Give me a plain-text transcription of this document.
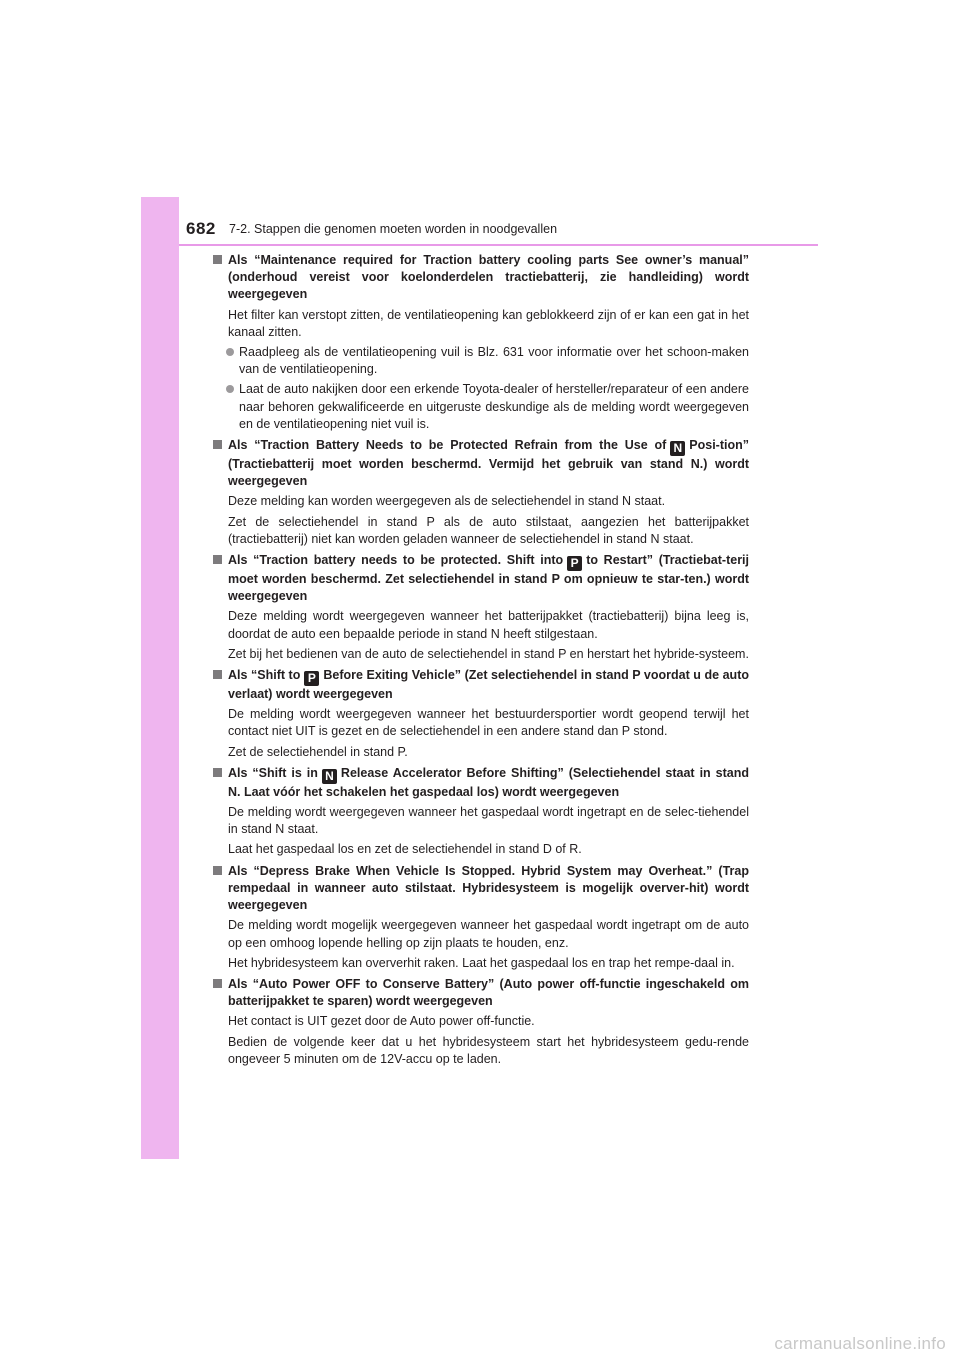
682 7-2. Stappen die genomen moeten worden in noodgevallen
Als “Maintenance required for Traction battery cooling parts See owner’s manual” (onderhoud vereist voor koelonderdelen tractiebatterij, zie handleiding) wordt weergegeven
Het filter kan verstopt zitten, de ventilatieopening kan geblokkeerd zijn of er kan een gat in het kanaal zitten.
Raadpleeg als de ventilatieopening vuil is Blz. 631 voor informatie over het schoon-maken van de ventilatieopening.
Laat de auto nakijken door een erkende Toyota-dealer of hersteller/reparateur of een andere naar behoren gekwalificeerde en uitgeruste deskundige als de melding wordt weergegeven en de ventilatieopening niet vuil is.
Als “Traction Battery Needs to be Protected Refrain from the Use of N Posi-tion” (Tractiebatterij moet worden beschermd. Vermijd het gebruik van stand N.) wordt weergegeven
Deze melding kan worden weergegeven als de selectiehendel in stand N staat.
Zet de selectiehendel in stand P als de auto stilstaat, aangezien het batterijpakket (tractiebatterij) niet kan worden geladen wanneer de selectiehendel in stand N staat.
Als “Traction battery needs to be protected. Shift into P to Restart” (Tractiebat-terij moet worden beschermd. Zet selectiehendel in stand P om opnieuw te star-ten.) wordt weergegeven
Deze melding wordt weergegeven wanneer het batterijpakket (tractiebatterij) bijna leeg is, doordat de auto een bepaalde periode in stand N heeft stilgestaan.
Zet bij het bedienen van de auto de selectiehendel in stand P en herstart het hybride-systeem.
Als “Shift to P Before Exiting Vehicle” (Zet selectiehendel in stand P voordat u de auto verlaat) wordt weergegeven
De melding wordt weergegeven wanneer het bestuurdersportier wordt geopend terwijl het contact niet UIT is gezet en de selectiehendel in een andere stand dan P stond.
Zet de selectiehendel in stand P.
Als “Shift is in N Release Accelerator Before Shifting” (Selectiehendel staat in stand N. Laat vóór het schakelen het gaspedaal los) wordt weergegeven
De melding wordt weergegeven wanneer het gaspedaal wordt ingetrapt en de selec-tiehendel in stand N staat.
Laat het gaspedaal los en zet de selectiehendel in stand D of R.
Als “Depress Brake When Vehicle Is Stopped. Hybrid System may Overheat.” (Trap rempedaal in wanneer auto stilstaat. Hybridesysteem is mogelijk overver-hit) wordt weergegeven
De melding wordt mogelijk weergegeven wanneer het gaspedaal wordt ingetrapt om de auto op een omhoog lopende helling op zijn plaats te houden, enz.
Het hybridesysteem kan oververhit raken. Laat het gaspedaal los en trap het rempe-daal in.
Als “Auto Power OFF to Conserve Battery” (Auto power off-functie ingeschakeld om batterijpakket te sparen) wordt weergegeven
Het contact is UIT gezet door de Auto power off-functie.
Bedien de volgende keer dat u het hybridesysteem start het hybridesysteem gedu-rende ongeveer 5 minuten om de 12V-accu op te laden.
carmanualsonline.info
